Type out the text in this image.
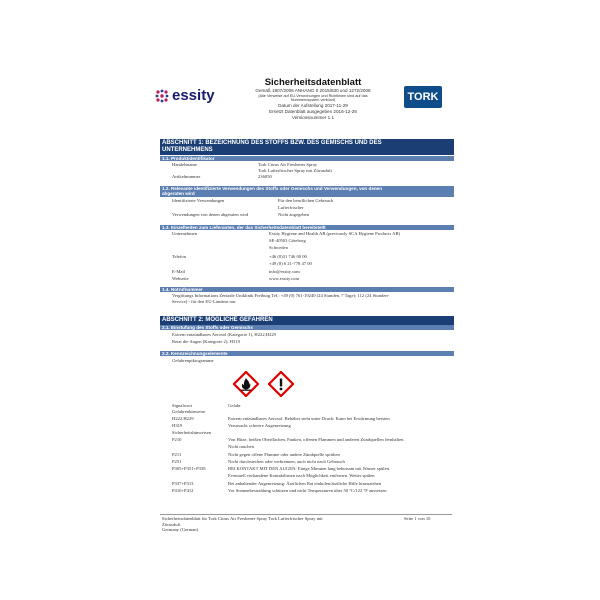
essity	TORK
Sicherheitsdatenblatt
Gemäß 1907/2006 ANHANG II 2015/830 und 1272/2008
(Alle Verweise auf EU-Verordnungen und Richtlinien sind auf das
Nummernsystem verkürzt)
Datum der Aufstellung 2017-11-29
Ersetzt Datenblatt ausgegeben 2016-12-26
Versionsnummer 1.1
ABSCHNITT 1: BEZEICHNUNG DES STOFFS BZW. DES GEMISCHS UND DES
UNTERNEHMENS
1.1. Produktidentifikator
Handelsname	Tork Citrus Air Freshener Spray
Tork Lufterfrischer Spray mit Zitrusduft
Artikelnummer	236050
1.2. Relevante identifizierte Verwendungen des Stoffs oder Gemischs und Verwendungen, von denen
abgeraten wird
Identifizierte Verwendungen	Für den beruflichen Gebrauch
Lufterfrischer
Verwendungen von denen abgeraten wird	Nicht angegeben
1.3. Einzelheiten zum Lieferanten, der das Sicherheitsdatenblatt bereitstellt
Unternehmen	Essity Hygiene and Health AB (previously SCA Hygiene Products AB)
SE-40503 Göteborg
Schweden
Telefon	+46 (0)31 746 00 00
+49 (0) 6 21-778 47 00
E-Mail	info@essity.com
Webseite	www.essity.com
1.4. Notrufnummer
Vergiftungs Informations Zentrale Uniklinik Freiburg Tel.: +49 (0) 761-19240 (24 Stunden, 7 Tage); 112 (24 Stunden-
Service) - für den EU-Ländern nur.
ABSCHNITT 2: MÖGLICHE GEFAHREN
2.1. Einstufung des Stoffs oder Gemischs
Extrem entzündbares Aerosol (Kategorie 1), H222,H229
Reizt die Augen (Kategorie 2), H319
2.2. Kennzeichnungselemente
Gefahrenpiktogramme
Signalwort	Gefahr
Gefahrenhinweise
H222,H229	Extrem entzündbares Aerosol. Behälter steht unter Druck: Kann bei Erwärmung bersten
H319	Verursacht schwere Augenreizung
Sicherheitshinweisen
P210	Von Hitze, heißen Oberflächen, Funken, offenen Flammen und anderen Zündquellen fernhalten.
Nicht rauchen
P211	Nicht gegen offene Flamme oder andere Zündquelle sprühen
P251	Nicht durchstechen oder verbrennen, auch nicht nach Gebrauch
P305+P351+P338	BEI KONTAKT MIT DEN AUGEN: Einige Minuten lang behutsam mit Wasser spülen.
Eventuell vorhandene Kontaktlinsen nach Möglichkeit entfernen. Weiter spülen
P337+P313	Bei anhaltender Augenreizung: Ärztlichen Rat einholen/ärztliche Hilfe hinzuziehen
P410+P412	Vor Sonnenbestrahlung schützen und nicht Temperaturen über 50 °C/122 °F aussetzen
Sicherheitsdatenblatt für Tork Citrus Air Freshener Spray Tork Lufterfrischer Spray mit
Zitrusduft.
Germany (German)
Seite 1 von 10
